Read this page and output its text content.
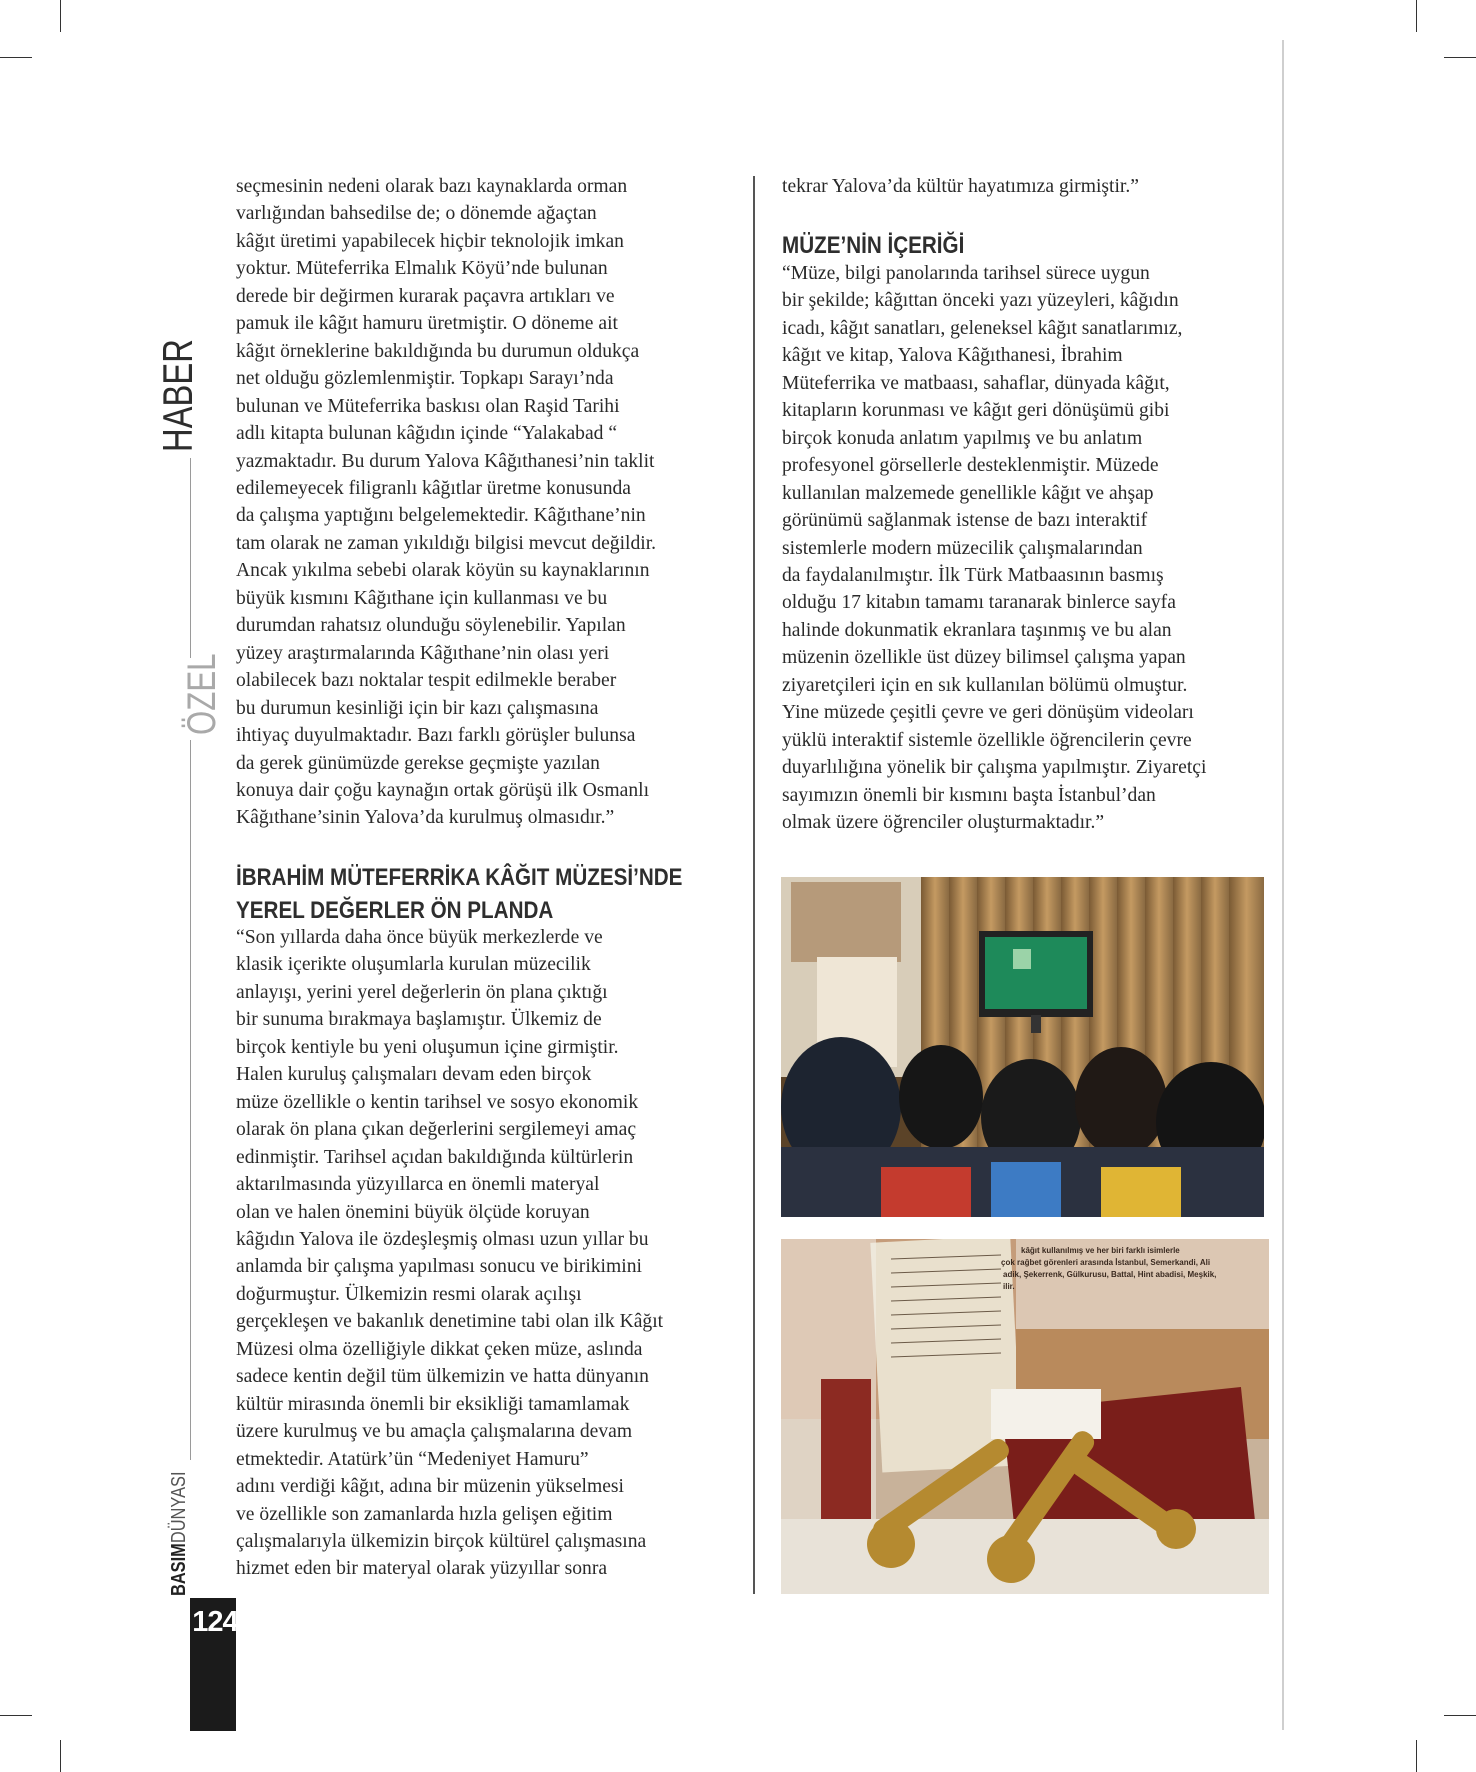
HABER
ÖZEL
BASIMDÜNYASI
124
seçmesinin nedeni olarak bazı kaynaklarda orman
varlığından bahsedilse de; o dönemde ağaçtan
kâğıt üretimi yapabilecek hiçbir teknolojik imkan
yoktur. Müteferrika Elmalık Köyü’nde bulunan
derede bir değirmen kurarak paçavra artıkları ve
pamuk ile kâğıt hamuru üretmiştir. O döneme ait
kâğıt örneklerine bakıldığında bu durumun oldukça
net olduğu gözlemlenmiştir. Topkapı Sarayı’nda
bulunan ve Müteferrika baskısı olan Raşid Tarihi
adlı kitapta bulunan kâğıdın içinde “Yalakabad “
yazmaktadır. Bu durum Yalova Kâğıthanesi’nin taklit
edilemeyecek filigranlı kâğıtlar üretme konusunda
da çalışma yaptığını belgelemektedir. Kâğıthane’nin
tam olarak ne zaman yıkıldığı bilgisi mevcut değildir.
Ancak yıkılma sebebi olarak köyün su kaynaklarının
büyük kısmını Kâğıthane için kullanması ve bu
durumdan rahatsız olunduğu söylenebilir. Yapılan
yüzey araştırmalarında Kâğıthane’nin olası yeri
olabilecek bazı noktalar tespit edilmekle beraber
bu durumun kesinliği için bir kazı çalışmasına
ihtiyaç duyulmaktadır. Bazı farklı görüşler bulunsa
da gerek günümüzde gerekse geçmişte yazılan
konuya dair çoğu kaynağın ortak görüşü ilk Osmanlı
Kâğıthane’sinin Yalova’da kurulmuş olmasıdır.”
İBRAHİM MÜTEFERRİKA KÂĞIT MÜZESİ’NDE
YEREL DEĞERLER ÖN PLANDA
“Son yıllarda daha önce büyük merkezlerde ve
klasik içerikte oluşumlarla kurulan müzecilik
anlayışı, yerini yerel değerlerin ön plana çıktığı
bir sunuma bırakmaya başlamıştır. Ülkemiz de
birçok kentiyle bu yeni oluşumun içine girmiştir.
Halen kuruluş çalışmaları devam eden birçok
müze özellikle o kentin tarihsel ve sosyo ekonomik
olarak ön plana çıkan değerlerini sergilemeyi amaç
edinmiştir. Tarihsel açıdan bakıldığında kültürlerin
aktarılmasında yüzyıllarca en önemli materyal
olan ve halen önemini büyük ölçüde koruyan
kâğıdın Yalova ile özdeşleşmiş olması uzun yıllar bu
anlamda bir çalışma yapılması sonucu ve birikimini
doğurmuştur. Ülkemizin resmi olarak açılışı
gerçekleşen ve bakanlık denetimine tabi olan ilk Kâğıt
Müzesi olma özelliğiyle dikkat çeken müze, aslında
sadece kentin değil tüm ülkemizin ve hatta dünyanın
kültür mirasında önemli bir eksikliği tamamlamak
üzere kurulmuş ve bu amaçla çalışmalarına devam
etmektedir. Atatürk’ün “Medeniyet Hamuru”
adını verdiği kâğıt, adına bir müzenin yükselmesi
ve özellikle son zamanlarda hızla gelişen eğitim
çalışmalarıyla ülkemizin birçok kültürel çalışmasına
hizmet eden bir materyal olarak yüzyıllar sonra
tekrar Yalova’da kültür hayatımıza girmiştir.”
MÜZE’NİN İÇERİĞİ
“Müze, bilgi panolarında tarihsel sürece uygun
bir şekilde; kâğıttan önceki yazı yüzeyleri, kâğıdın
icadı, kâğıt sanatları, geleneksel kâğıt sanatlarımız,
kâğıt ve kitap, Yalova Kâğıthanesi, İbrahim
Müteferrika ve matbaası, sahaflar, dünyada kâğıt,
kitapların korunması ve kâğıt geri dönüşümü gibi
birçok konuda anlatım yapılmış ve bu anlatım
profesyonel görsellerle desteklenmiştir. Müzede
kullanılan malzemede genellikle kâğıt ve ahşap
görünümü sağlanmak istense de bazı interaktif
sistemlerle modern müzecilik çalışmalarından
da faydalanılmıştır. İlk Türk Matbaasının basmış
olduğu 17 kitabın tamamı taranarak binlerce sayfa
halinde dokunmatik ekranlara taşınmış ve bu alan
müzenin özellikle üst düzey bilimsel çalışma yapan
ziyaretçileri için en sık kullanılan bölümü olmuştur.
Yine müzede çeşitli çevre ve geri dönüşüm videoları
yüklü interaktif sistemle özellikle öğrencilerin çevre
duyarlılığına yönelik bir çalışma yapılmıştır. Ziyaretçi
sayımızın önemli bir kısmını başta İstanbul’dan
olmak üzere öğrenciler oluşturmaktadır.”
kâğıt kullanılmış ve her biri farklı isimlerle
çok rağbet görenleri arasında İstanbul, Semerkandi, Ali
adik, Şekerrenk, Gülkurusu, Battal, Hint abadisi, Meşkik,
ilir.
